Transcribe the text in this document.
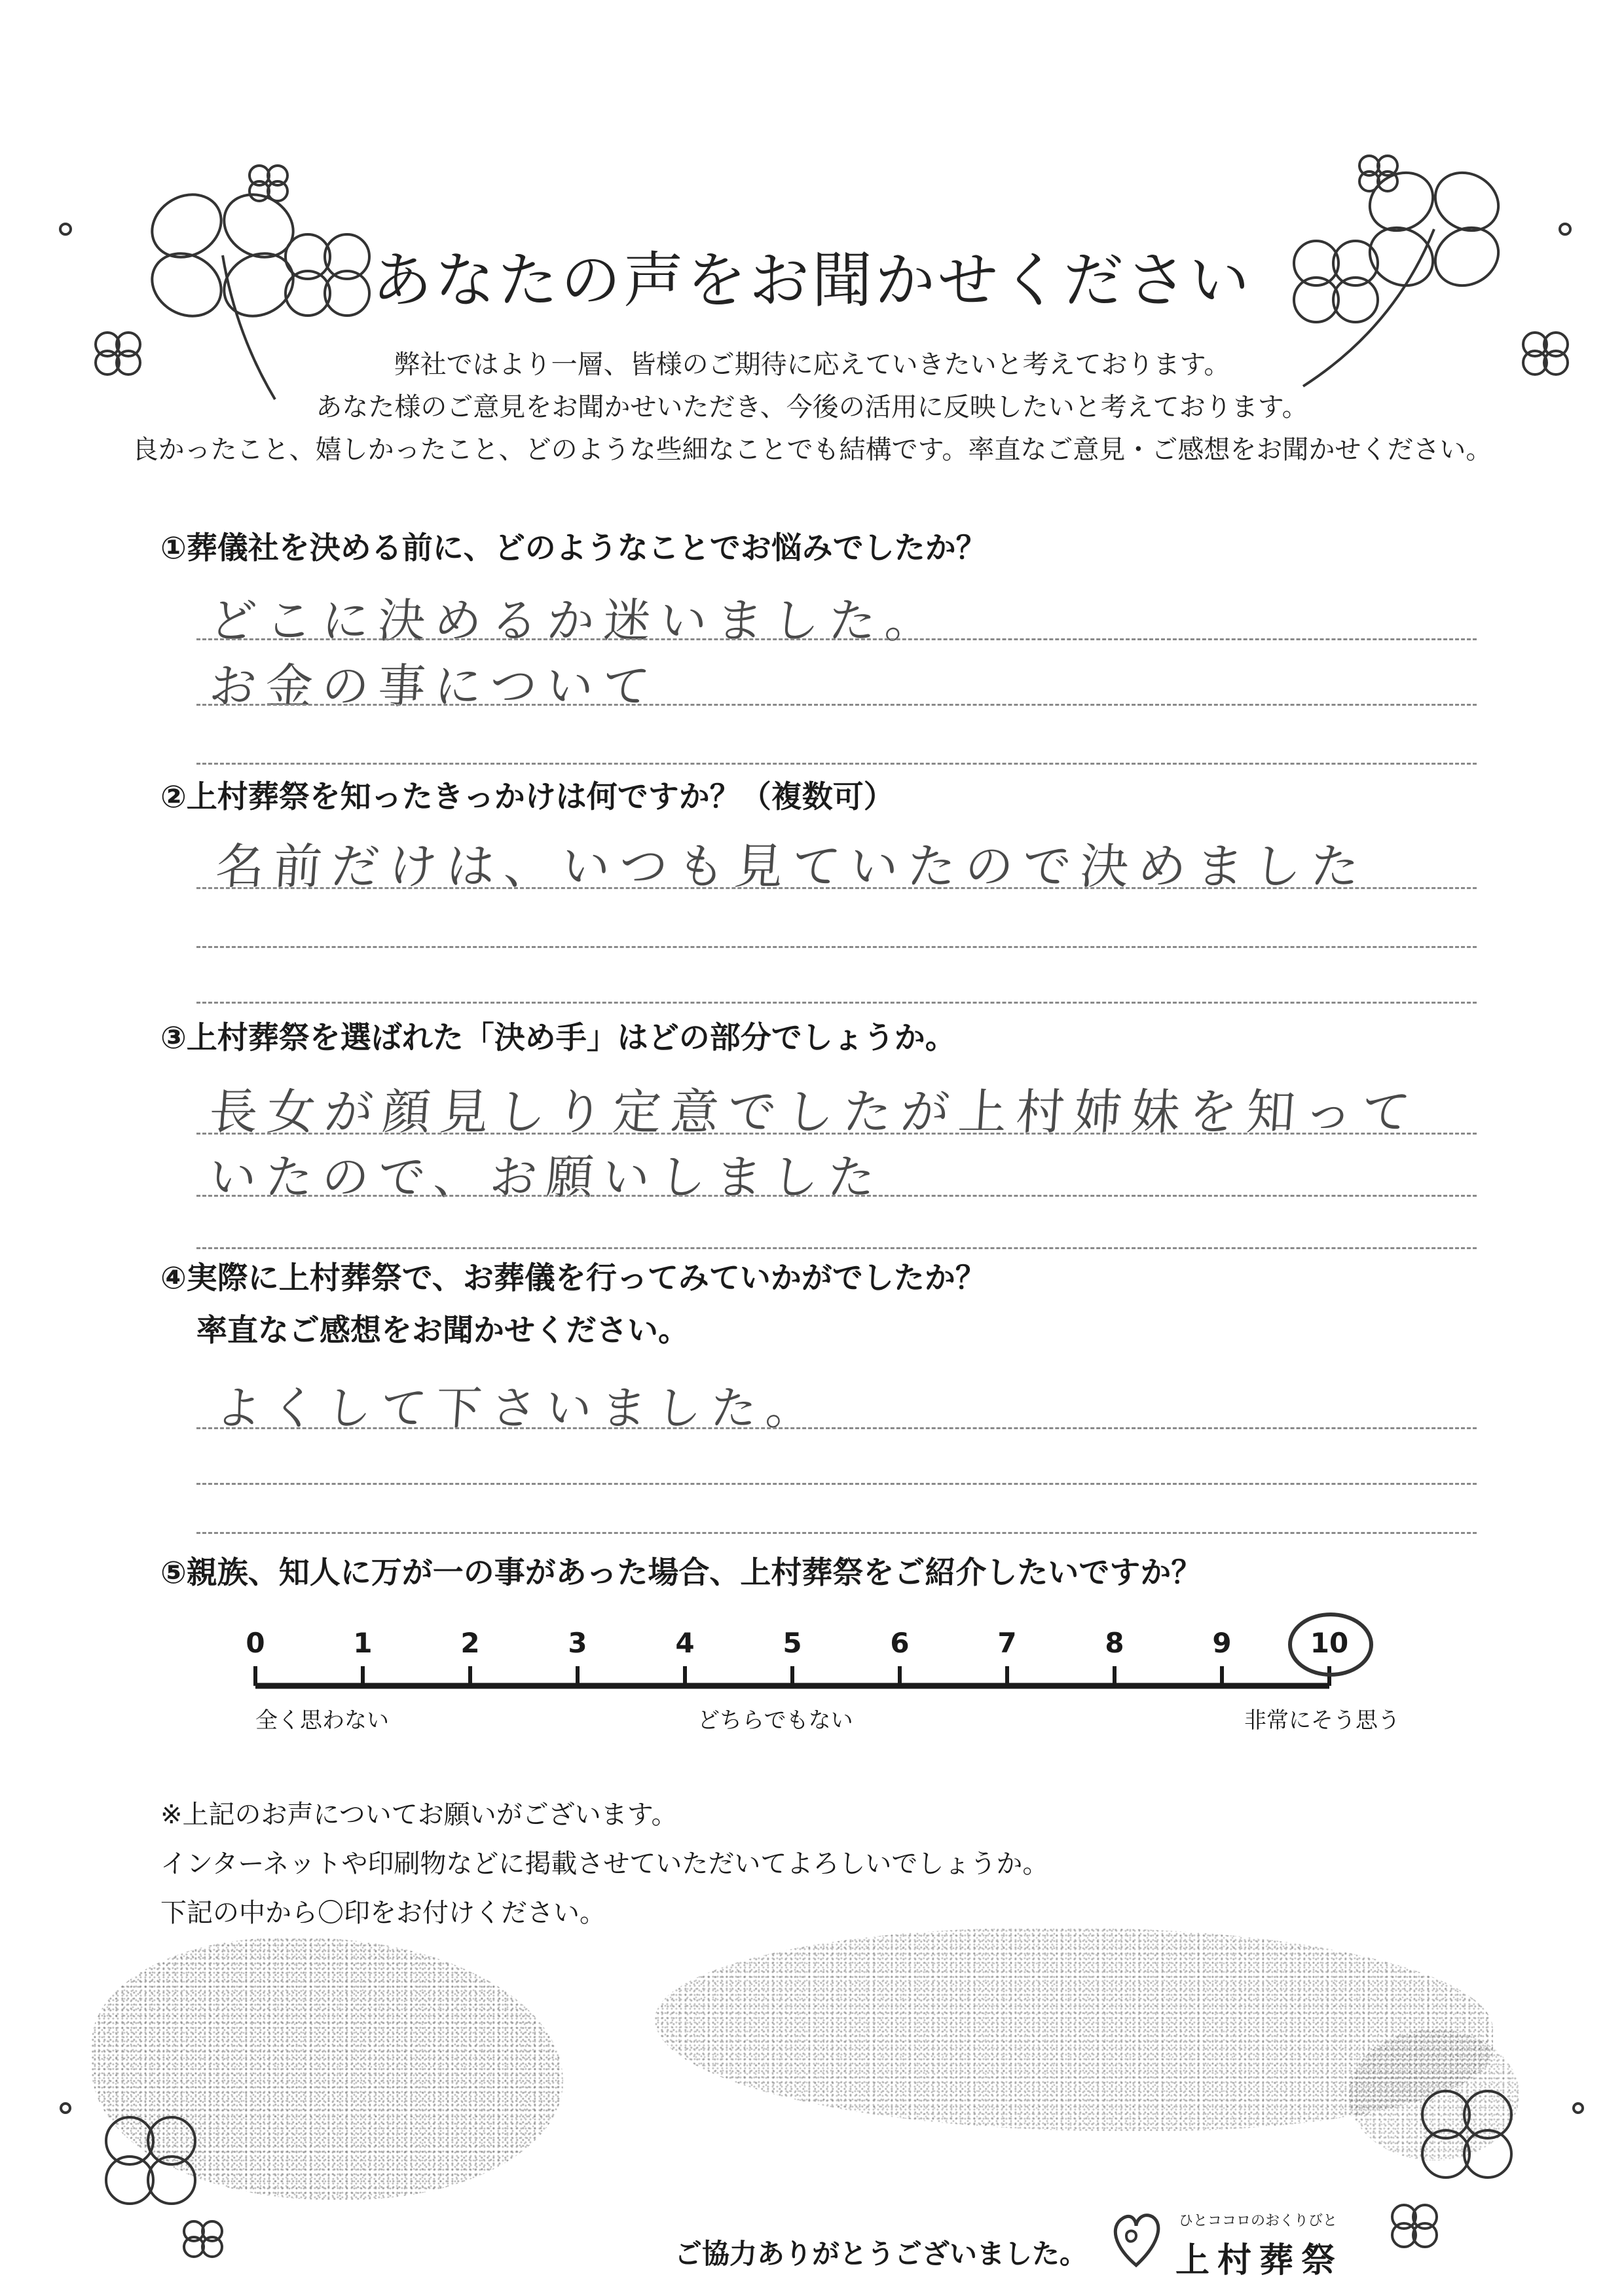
あなたの声をお聞かせください
弊社ではより一層、皆様のご期待に応えていきたいと考えております。
あなた様のご意見をお聞かせいただき、今後の活用に反映したいと考えております。
良かったこと、嬉しかったこと、どのような些細なことでも結構です。率直なご意見・ご感想をお聞かせください。
①葬儀社を決める前に、どのようなことでお悩みでしたか？
どこに決めるか迷いました。
お金の事について
②上村葬祭を知ったきっかけは何ですか？（複数可）
名前だけは、いつも見ていたので決めました
③上村葬祭を選ばれた「決め手」はどの部分でしょうか。
長女が顔見しり定意でしたが上村姉妹を知って
いたので、お願いしました
④実際に上村葬祭で、お葬儀を行ってみていかがでしたか？
率直なご感想をお聞かせください。
よくして下さいました。
⑤親族、知人に万が一の事があった場合、上村葬祭をご紹介したいですか？
0	1	2	3	4	5	6	7	8	9	10
全く思わない	どちらでもない	非常にそう思う
※上記のお声についてお願いがございます。
インターネットや印刷物などに掲載させていただいてよろしいでしょうか。
下記の中から〇印をお付けください。
ご協力ありがとうございました。
ひとココロのおくりびと
上村葬祭
